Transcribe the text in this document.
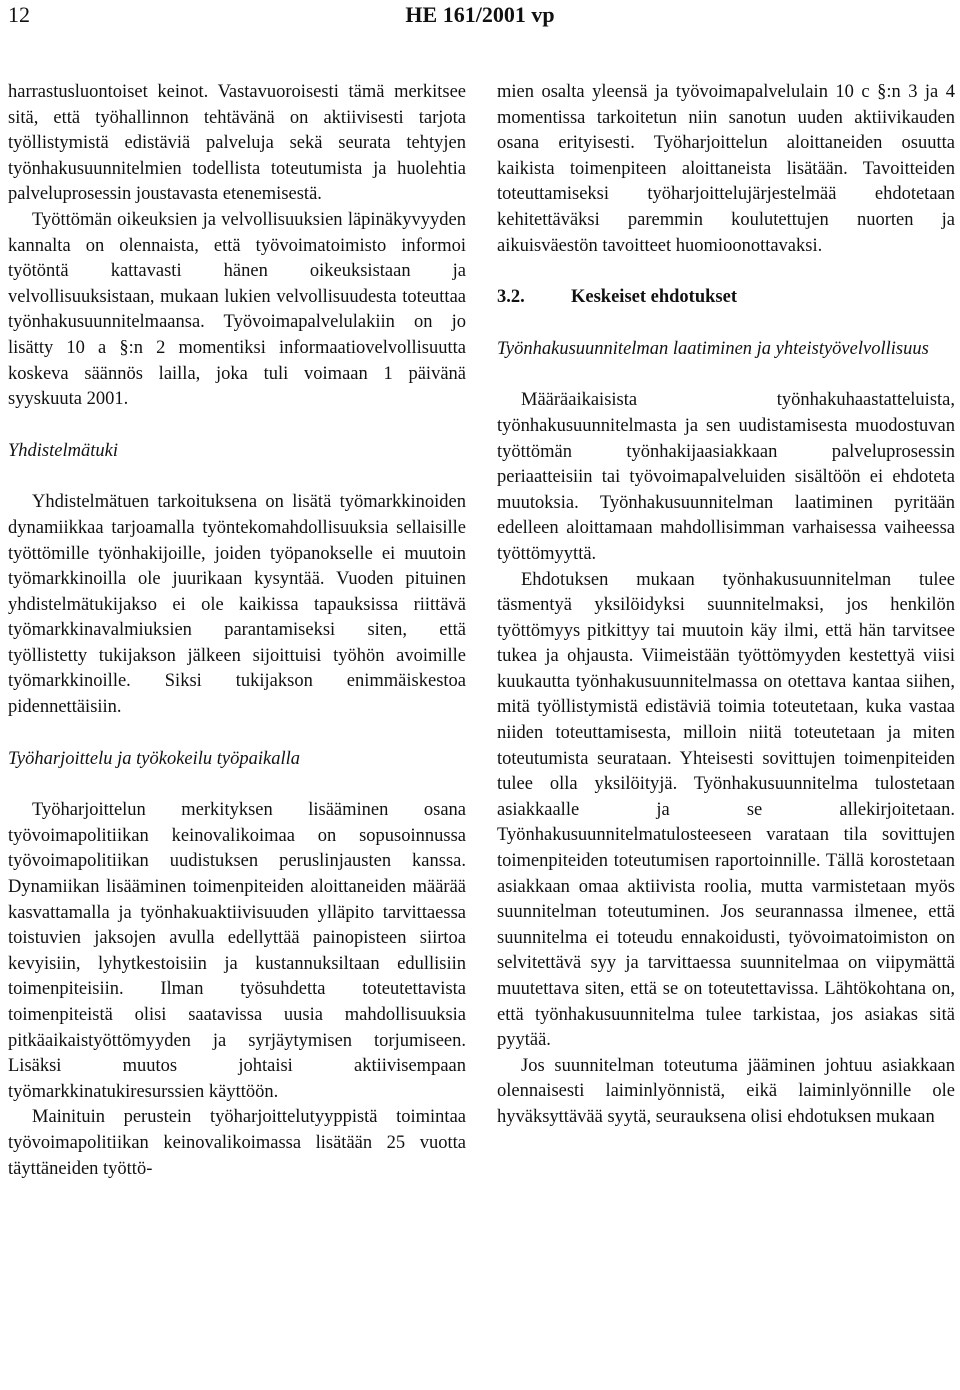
12	HE 161/2001 vp

harrastusluontoiset keinot. Vastavuoroisesti tämä merkitsee sitä, että työhallinnon tehtävänä on aktiivisesti tarjota työllistymistä edistäviä palveluja sekä seurata tehtyjen työnhakusuunnitelmien todellista toteutumista ja huolehtia palveluprosessin joustavasta etenemisestä.

Työttömän oikeuksien ja velvollisuuksien läpinäkyvyyden kannalta on olennaista, että työvoimatoimisto informoi työtöntä kattavasti hänen oikeuksistaan ja velvollisuuksistaan, mukaan lukien velvollisuudesta toteuttaa työnhakusuunnitelmaansa. Työvoimapalvelulakiin on jo lisätty 10 a §:n 2 momentiksi informaatiovelvollisuutta koskeva säännös lailla, joka tuli voimaan 1 päivänä syyskuuta 2001.

Yhdistelmätuki

Yhdistelmätuen tarkoituksena on lisätä työmarkkinoiden dynamiikkaa tarjoamalla työntekomahdollisuuksia sellaisille työttömille työnhakijoille, joiden työpanokselle ei muutoin työmarkkinoilla ole juurikaan kysyntää. Vuoden pituinen yhdistelmätukijakso ei ole kaikissa tapauksissa riittävä työmarkkinavalmiuksien parantamiseksi siten, että työllistetty tukijakson jälkeen sijoittuisi työhön avoimille työmarkkinoille. Siksi tukijakson enimmäiskestoa pidennettäisiin.

Työharjoittelu ja työkokeilu työpaikalla

Työharjoittelun merkityksen lisääminen osana työvoimapolitiikan keinovalikoimaa on sopusoinnussa työvoimapolitiikan uudistuksen peruslinjausten kanssa. Dynamiikan lisääminen toimenpiteiden aloittaneiden määrää kasvattamalla ja työnhakuaktiivisuuden ylläpito tarvittaessa toistuvien jaksojen avulla edellyttää painopisteen siirtoa kevyisiin, lyhytkestoisiin ja kustannuksiltaan edullisiin toimenpiteisiin. Ilman työsuhdetta toteutettavista toimenpiteistä olisi saatavissa uusia mahdollisuuksia pitkäaikaistyöttömyyden ja syrjäytymisen torjumiseen. Lisäksi muutos johtaisi aktiivisempaan työmarkkinatukiresurssien käyttöön.

Mainituin perustein työharjoittelutyyppistä toimintaa työvoimapolitiikan keinovalikoimassa lisätään 25 vuotta täyttäneiden työttö-

mien osalta yleensä ja työvoimapalvelulain 10 c §:n 3 ja 4 momentissa tarkoitetun niin sanotun uuden aktiivikauden osana erityisesti. Työharjoittelun aloittaneiden osuutta kaikista toimenpiteen aloittaneista lisätään. Tavoitteiden toteuttamiseksi työharjoittelujärjestelmää ehdotetaan kehitettäväksi paremmin koulutettujen nuorten ja aikuisväestön tavoitteet huomioonottavaksi.

3.2.	Keskeiset ehdotukset

Työnhakusuunnitelman laatiminen ja yhteistyövelvollisuus

Määräaikaisista työnhakuhaastatteluista, työnhakusuunnitelmasta ja sen uudistamisesta muodostuvan työttömän työnhakijaasiakkaan palveluprosessin periaatteisiin tai työvoimapalveluiden sisältöön ei ehdoteta muutoksia. Työnhakusuunnitelman laatiminen pyritään edelleen aloittamaan mahdollisimman varhaisessa vaiheessa työttömyyttä.

Ehdotuksen mukaan työnhakusuunnitelman tulee täsmentyä yksilöidyksi suunnitelmaksi, jos henkilön työttömyys pitkittyy tai muutoin käy ilmi, että hän tarvitsee tukea ja ohjausta. Viimeistään työttömyyden kestettyä viisi kuukautta työnhakusuunnitelmassa on otettava kantaa siihen, mitä työllistymistä edistäviä toimia toteutetaan, kuka vastaa niiden toteuttamisesta, milloin niitä toteutetaan ja miten toteutumista seurataan. Yhteisesti sovittujen toimenpiteiden tulee olla yksilöityjä. Työnhakusuunnitelma tulostetaan asiakkaalle ja se allekirjoitetaan. Työnhakusuunnitelmatulosteeseen varataan tila sovittujen toimenpiteiden toteutumisen raportoinnille. Tällä korostetaan asiakkaan omaa aktiivista roolia, mutta varmistetaan myös suunnitelman toteutuminen. Jos seurannassa ilmenee, että suunnitelma ei toteudu ennakoidusti, työvoimatoimiston on selvitettävä syy ja tarvittaessa suunnitelmaa on viipymättä muutettava siten, että se on toteutettavissa. Lähtökohtana on, että työnhakusuunnitelma tulee tarkistaa, jos asiakas sitä pyytää.

Jos suunnitelman toteutuma jääminen johtuu asiakkaan olennaisesti laiminlyönnistä, eikä laiminlyönnille ole hyväksyttävää syytä, seurauksena olisi ehdotuksen mukaan
